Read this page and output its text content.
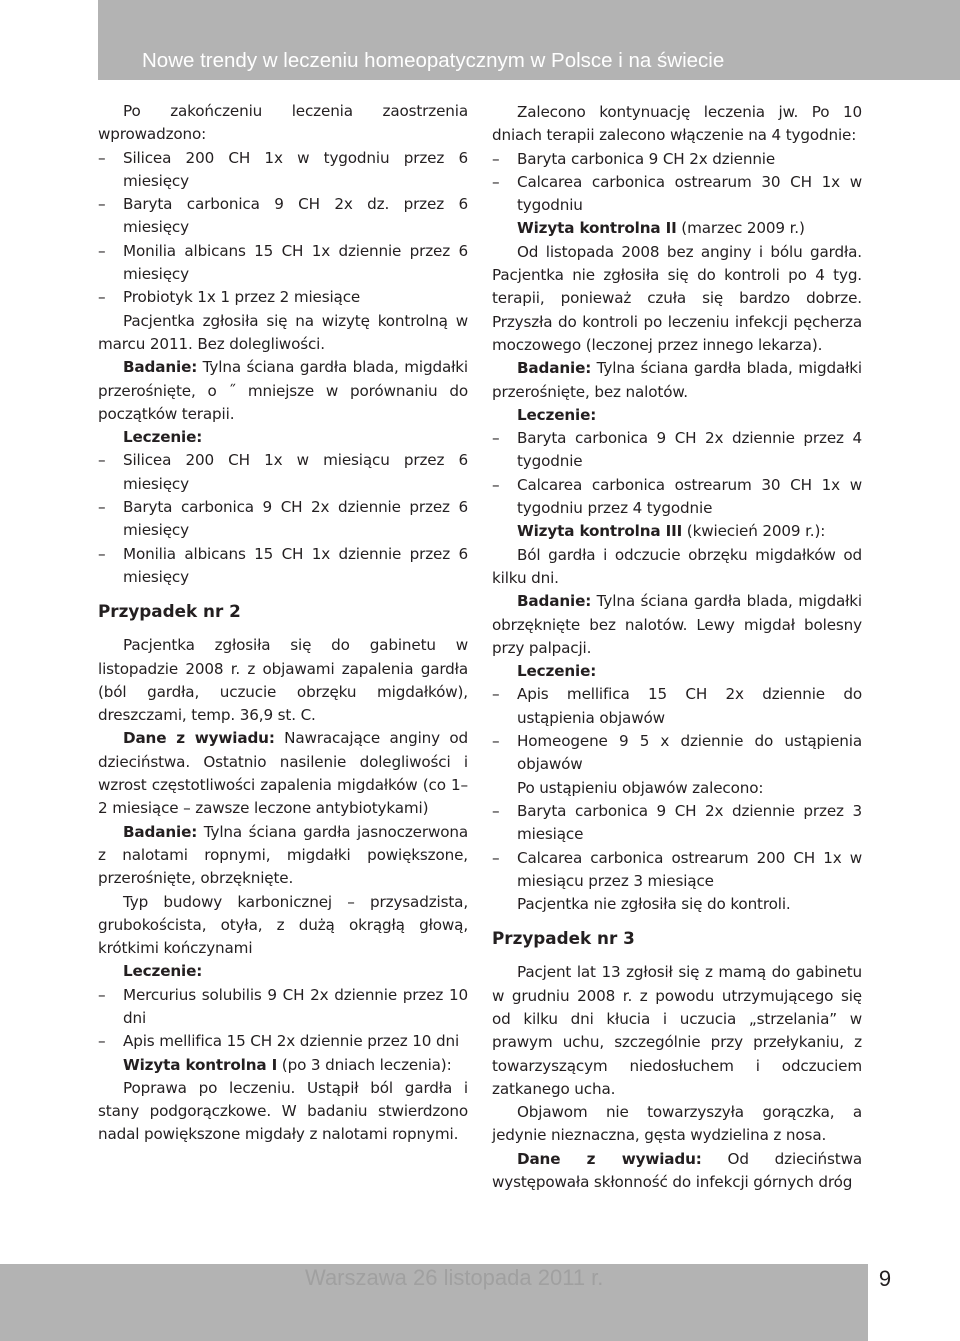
Nowe trendy w leczeniu homeopatycznym w Polsce i na świecie

Po zakończeniu leczenia zaostrzenia wprowadzono:

– Silicea 200 CH 1x w tygodniu przez 6 miesięcy

– Baryta carbonica 9 CH 2x dz. przez 6 miesięcy

– Monilia albicans 15 CH 1x dziennie przez 6 miesięcy

– Probiotyk 1x 1 przez 2 miesiące

Pacjentka zgłosiła się na wizytę kontrolną w marcu 2011. Bez dolegliwości.

Badanie: Tylna ściana gardła blada, migdałki przerośnięte, o ˝ mniejsze w porównaniu do początków terapii.

Leczenie:

– Silicea 200 CH 1x w miesiącu przez 6 miesięcy

– Baryta carbonica 9 CH 2x dziennie przez 6 miesięcy

– Monilia albicans 15 CH 1x dziennie przez 6 miesięcy

Przypadek nr 2

Pacjentka zgłosiła się do gabinetu w listopadzie 2008 r. z objawami zapalenia gardła (ból gardła, uczucie obrzęku migdałków), dreszczami, temp. 36,9 st. C.

Dane z wywiadu: Nawracające anginy od dzieciństwa. Ostatnio nasilenie dolegliwości i wzrost częstotliwości zapalenia migdałków (co 1–2 miesiące – zawsze leczone antybiotykami)

Badanie: Tylna ściana gardła jasnoczerwona z nalotami ropnymi, migdałki powiększone, przerośnięte, obrzęknięte.

Typ budowy karbonicznej – przysadzista, grubokoścista, otyła, z dużą okrągłą głową, krótkimi kończynami

Leczenie:

– Mercurius solubilis 9 CH 2x dziennie przez 10 dni

– Apis mellifica 15 CH 2x dziennie przez 10 dni

Wizyta kontrolna I (po 3 dniach leczenia):

Poprawa po leczeniu. Ustąpił ból gardła i stany podgorączkowe. W badaniu stwierdzono nadal powiększone migdały z nalotami ropnymi.

Zalecono kontynuację leczenia jw. Po 10 dniach terapii zalecono włączenie na 4 tygodnie:

– Baryta carbonica 9 CH 2x dziennie

– Calcarea carbonica ostrearum 30 CH 1x w tygodniu

Wizyta kontrolna II (marzec 2009 r.)

Od listopada 2008 bez anginy i bólu gardła. Pacjentka nie zgłosiła się do kontroli po 4 tyg. terapii, ponieważ czuła się bardzo dobrze. Przyszła do kontroli po leczeniu infekcji pęcherza moczowego (leczonej przez innego lekarza).

Badanie: Tylna ściana gardła blada, migdałki przerośnięte, bez nalotów.

Leczenie:

– Baryta carbonica 9 CH 2x dziennie przez 4 tygodnie

– Calcarea carbonica ostrearum 30 CH 1x w tygodniu przez 4 tygodnie

Wizyta kontrolna III (kwiecień 2009 r.):

Ból gardła i odczucie obrzęku migdałków od kilku dni.

Badanie: Tylna ściana gardła blada, migdałki obrzęknięte bez nalotów. Lewy migdał bolesny przy palpacji.

Leczenie:

– Apis mellifica 15 CH 2x dziennie do ustąpienia objawów

– Homeogene 9 5 x dziennie do ustąpienia objawów

Po ustąpieniu objawów zalecono:

– Baryta carbonica 9 CH 2x dziennie przez 3 miesiące

– Calcarea carbonica ostrearum 200 CH 1x w miesiącu przez 3 miesiące

Pacjentka nie zgłosiła się do kontroli.

Przypadek nr 3

Pacjent lat 13 zgłosił się z mamą do gabinetu w grudniu 2008 r. z powodu utrzymującego się od kilku dni kłucia i uczucia „strzelania” w prawym uchu, szczególnie przy przełykaniu, z towarzyszącym niedosłuchem i odczuciem zatkanego ucha.

Objawom nie towarzyszyła gorączka, a jedynie nieznaczna, gęsta wydzielina z nosa.

Dane z wywiadu: Od dzieciństwa występowała skłonność do infekcji górnych dróg

Warszawa 26 listopada 2011 r.	9
